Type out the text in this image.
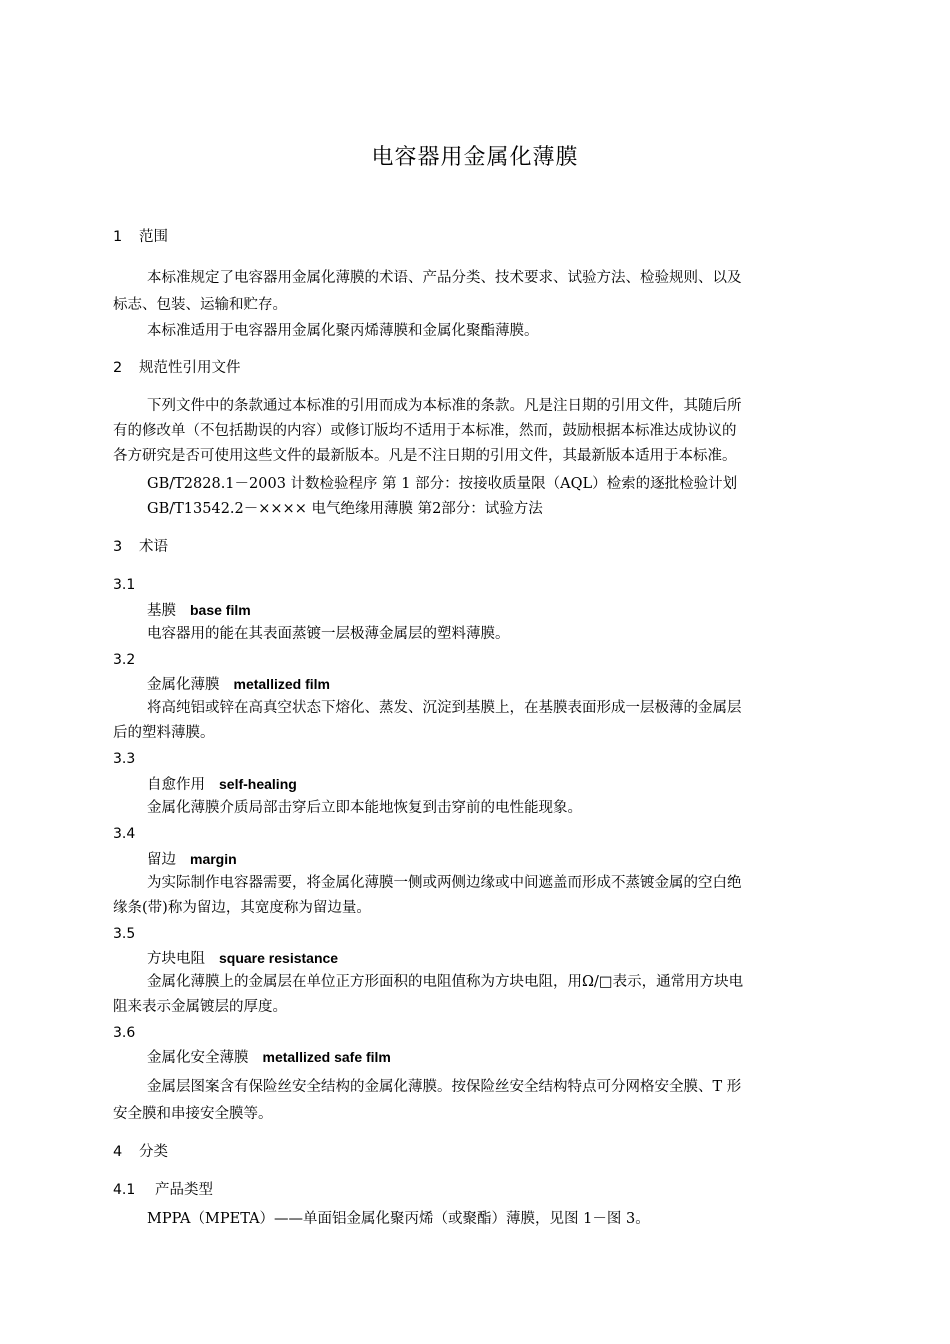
电容器用金属化薄膜
1 范围
本标准规定了电容器用金属化薄膜的术语、产品分类、技术要求、试验方法、检验规则、以及
标志、包装、运输和贮存。
本标准适用于电容器用金属化聚丙烯薄膜和金属化聚酯薄膜。
2 规范性引用文件
下列文件中的条款通过本标准的引用而成为本标准的条款。凡是注日期的引用文件，其随后所
有的修改单（不包括勘误的内容）或修订版均不适用于本标准，然而，鼓励根据本标准达成协议的
各方研究是否可使用这些文件的最新版本。凡是不注日期的引用文件，其最新版本适用于本标准。
GB/T2828.1－2003 计数检验程序 第 1 部分：按接收质量限（AQL）检索的逐批检验计划
GB/T13542.2－×××× 电气绝缘用薄膜 第2部分：试验方法
3 术语
3.1
基膜 base film
电容器用的能在其表面蒸镀一层极薄金属层的塑料薄膜。
3.2
金属化薄膜 metallized film
将高纯铝或锌在高真空状态下熔化、蒸发、沉淀到基膜上，在基膜表面形成一层极薄的金属层
后的塑料薄膜。
3.3
自愈作用 self-healing
金属化薄膜介质局部击穿后立即本能地恢复到击穿前的电性能现象。
3.4
留边 margin
为实际制作电容器需要，将金属化薄膜一侧或两侧边缘或中间遮盖而形成不蒸镀金属的空白绝
缘条(带)称为留边，其宽度称为留边量。
3.5
方块电阻 square resistance
金属化薄膜上的金属层在单位正方形面积的电阻值称为方块电阻，用Ω/□表示，通常用方块电
阻来表示金属镀层的厚度。
3.6
金属化安全薄膜 metallized safe film
金属层图案含有保险丝安全结构的金属化薄膜。按保险丝安全结构特点可分网格安全膜、T 形
安全膜和串接安全膜等。
4 分类
4.1 产品类型
MPPA（MPETA）——单面铝金属化聚丙烯（或聚酯）薄膜，见图 1－图 3。
